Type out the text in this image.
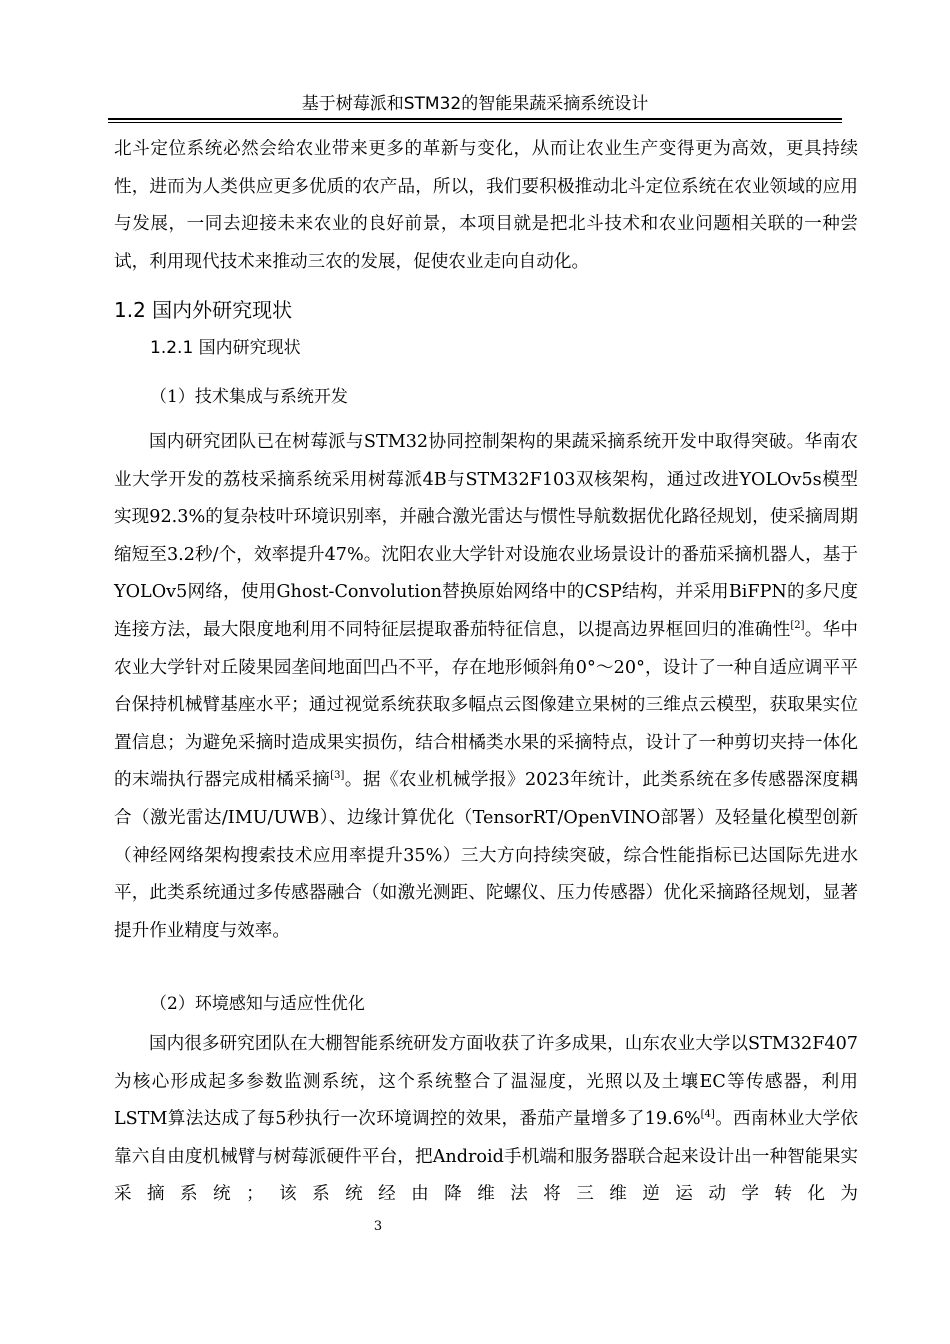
基于树莓派和STM32的智能果蔬采摘系统设计
北斗定位系统必然会给农业带来更多的革新与变化，从而让农业生产变得更为高效，更具持续性，进而为人类供应更多优质的农产品，所以，我们要积极推动北斗定位系统在农业领域的应用与发展，一同去迎接未来农业的良好前景，本项目就是把北斗技术和农业问题相关联的一种尝试，利用现代技术来推动三农的发展，促使农业走向自动化。
1.2 国内外研究现状
1.2.1 国内研究现状
（1）技术集成与系统开发
国内研究团队已在树莓派与STM32协同控制架构的果蔬采摘系统开发中取得突破。华南农业大学开发的荔枝采摘系统采用树莓派4B与STM32F103双核架构，通过改进YOLOv5s模型实现92.3%的复杂枝叶环境识别率，并融合激光雷达与惯性导航数据优化路径规划，使采摘周期缩短至3.2秒/个，效率提升47%。沈阳农业大学针对设施农业场景设计的番茄采摘机器人，基于YOLOv5网络，使用Ghost-Convolution替换原始网络中的CSP结构，并采用BiFPN的多尺度连接方法，最大限度地利用不同特征层提取番茄特征信息，以提高边界框回归的准确性[2]。华中农业大学针对丘陵果园垄间地面凹凸不平，存在地形倾斜角0°～20°，设计了一种自适应调平平台保持机械臂基座水平；通过视觉系统获取多幅点云图像建立果树的三维点云模型，获取果实位置信息；为避免采摘时造成果实损伤，结合柑橘类水果的采摘特点，设计了一种剪切夹持一体化的末端执行器完成柑橘采摘[3]。据《农业机械学报》2023年统计，此类系统在多传感器深度耦合（激光雷达/IMU/UWB）、边缘计算优化（TensorRT/OpenVINO部署）及轻量化模型创新（神经网络架构搜索技术应用率提升35%）三大方向持续突破，综合性能指标已达国际先进水平，此类系统通过多传感器融合（如激光测距、陀螺仪、压力传感器）优化采摘路径规划，显著提升作业精度与效率。
（2）环境感知与适应性优化
国内很多研究团队在大棚智能系统研发方面收获了许多成果，山东农业大学以STM32F407为核心形成起多参数监测系统，这个系统整合了温湿度，光照以及土壤EC等传感器，利用LSTM算法达成了每5秒执行一次环境调控的效果，番茄产量增多了19.6%[4]。西南林业大学依靠六自由度机械臂与树莓派硬件平台，把Android手机端和服务器联合起来设计出一种智能果实采摘系统；该系统经由降维法将三维逆运动学转化为
3
